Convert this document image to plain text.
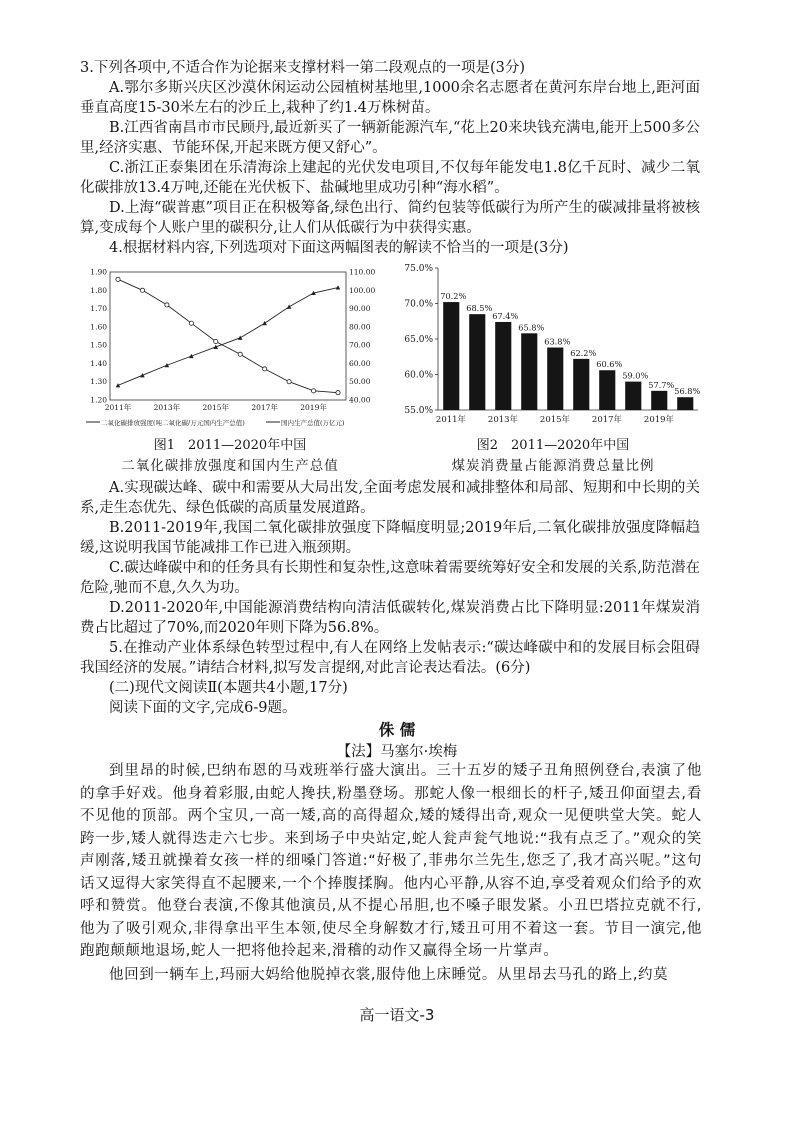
3.下列各项中,不适合作为论据来支撑材料一第二段观点的一项是(3分)

A.鄂尔多斯兴庆区沙漠休闲运动公园植树基地里,1000余名志愿者在黄河东岸台地上,距河面垂直高度15-30米左右的沙丘上,栽种了约1.4万株树苗。

B.江西省南昌市市民顾丹,最近新买了一辆新能源汽车,“花上20来块钱充满电,能开上500多公里,经济实惠、节能环保,开起来既方便又舒心”。

C.浙江正泰集团在乐清海涂上建起的光伏发电项目,不仅每年能发电1.8亿千瓦时、减少二氧化碳排放13.4万吨,还能在光伏板下、盐碱地里成功引种“海水稻”。

D.上海“碳普惠”项目正在积极筹备,绿色出行、简约包装等低碳行为所产生的碳减排量将被核算,变成每个人账户里的碳积分,让人们从低碳行为中获得实惠。

4.根据材料内容,下列选项对下面这两幅图表的解读不恰当的一项是(3分)

1.90
1.80
1.70
1.60
1.50
1.40
1.30
1.20
110.00
100.00
90.00
80.00
70.00
60.00
50.00
40.00
2011年	2013年	2015年	2017年	2019年
二氧化碳排放强度(吨二氧化碳/万元国内生产总值)	国内生产总值(万亿元)
75.0%
70.0%
65.0%
60.0%
55.0%
2011年	2013年	2015年	2017年	2019年
70.2%
68.5%
67.4%
65.8%
63.8%
62.2%
60.6%
59.0%
57.7%
56.8%
图1　2011—2020年中国
二氧化碳排放强度和国内生产总值
图2　2011—2020年中国
煤炭消费量占能源消费总量比例

A.实现碳达峰、碳中和需要从大局出发,全面考虑发展和减排整体和局部、短期和中长期的关系,走生态优先、绿色低碳的高质量发展道路。

B.2011-2019年,我国二氧化碳排放强度下降幅度明显;2019年后,二氧化碳排放强度降幅趋缓,这说明我国节能减排工作已进入瓶颈期。

C.碳达峰碳中和的任务具有长期性和复杂性,这意味着需要统筹好安全和发展的关系,防范潜在危险,驰而不息,久久为功。

D.2011-2020年,中国能源消费结构向清洁低碳转化,煤炭消费占比下降明显:2011年煤炭消费占比超过了70%,而2020年则下降为56.8%。

5.在推动产业体系绿色转型过程中,有人在网络上发帖表示:“碳达峰碳中和的发展目标会阻碍我国经济的发展。”请结合材料,拟写发言提纲,对此言论表达看法。(6分)

(二)现代文阅读Ⅱ(本题共4小题,17分)

阅读下面的文字,完成6-9题。

侏 儒

【法】马塞尔·埃梅

到里昂的时候,巴纳布恩的马戏班举行盛大演出。三十五岁的矮子丑角照例登台,表演了他的拿手好戏。他身着彩服,由蛇人搀扶,粉墨登场。那蛇人像一根细长的杆子,矮丑仰面望去,看不见他的顶部。两个宝贝,一高一矮,高的高得超众,矮的矮得出奇,观众一见便哄堂大笑。蛇人跨一步,矮人就得迭走六七步。来到场子中央站定,蛇人瓮声瓮气地说:“我有点乏了。”观众的笑声刚落,矮丑就操着女孩一样的细嗓门答道:“好极了,菲弗尔兰先生,您乏了,我才高兴呢。”这句话又逗得大家笑得直不起腰来,一个个捧腹揉胸。他内心平静,从容不迫,享受着观众们给予的欢呼和赞赏。他登台表演,不像其他演员,从不提心吊胆,也不嗓子眼发紧。小丑巴塔拉克就不行,他为了吸引观众,非得拿出平生本领,使尽全身解数才行,矮丑可用不着这一套。节目一演完,他跑跑颠颠地退场,蛇人一把将他拎起来,滑稽的动作又赢得全场一片掌声。

他回到一辆车上,玛丽大妈给他脱掉衣裳,服侍他上床睡觉。从里昂去马孔的路上,约莫

高一语文-3
